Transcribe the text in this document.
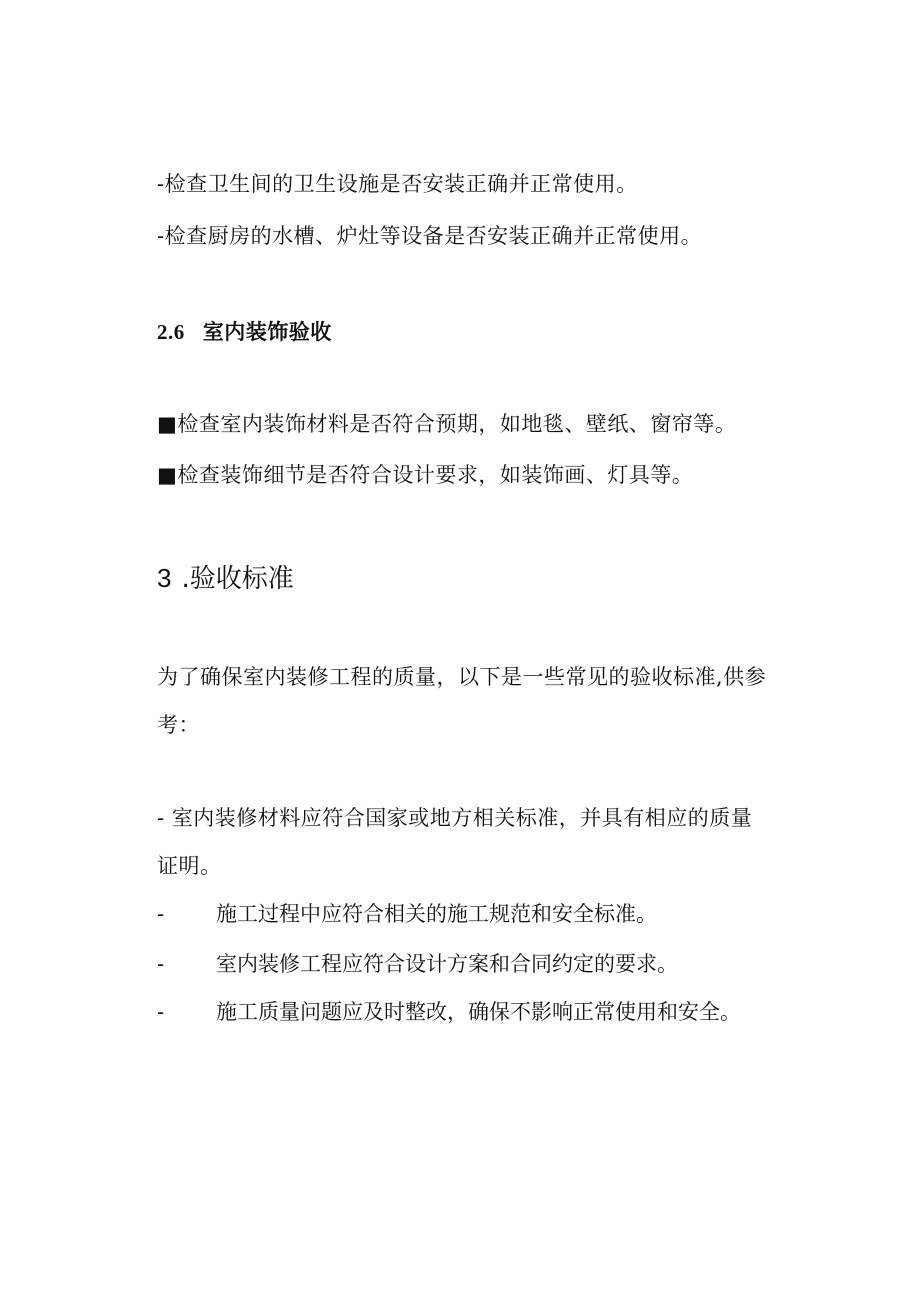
-检查卫生间的卫生设施是否安装正确并正常使用。
-检查厨房的水槽、炉灶等设备是否安装正确并正常使用。
2.6 室内装饰验收
■检查室内装饰材料是否符合预期，如地毯、壁纸、窗帘等。
■检查装饰细节是否符合设计要求，如装饰画、灯具等。
3 .验收标准
为了确保室内装修工程的质量，以下是一些常见的验收标准,供参
考：
- 室内装修材料应符合国家或地方相关标准，并具有相应的质量
证明。
- 施工过程中应符合相关的施工规范和安全标准。
- 室内装修工程应符合设计方案和合同约定的要求。
- 施工质量问题应及时整改，确保不影响正常使用和安全。
